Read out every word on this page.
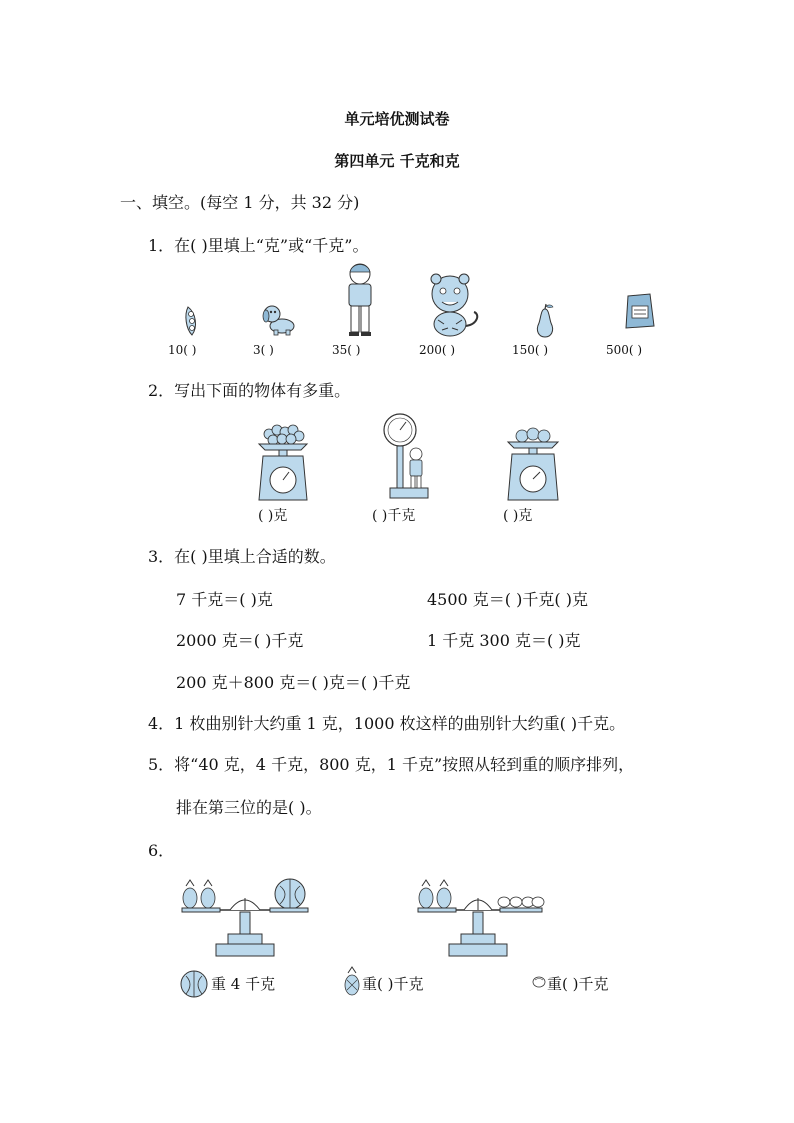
单元培优测试卷
第四单元 千克和克
一、填空。(每空 1 分，共 32 分)
1．在( )里填上“克”或“千克”。
10( )	3( )	35( )	200( )	150( )	500( )
2．写出下面的物体有多重。
( )克	( )千克	( )克
3．在( )里填上合适的数。
7 千克＝( )克	4500 克＝( )千克( )克
2000 克＝( )千克	1 千克 300 克＝( )克
200 克＋800 克＝( )克＝( )千克
4．1 枚曲别针大约重 1 克，1000 枚这样的曲别针大约重( )千克。
5．将“40 克，4 千克，800 克，1 千克”按照从轻到重的顺序排列，
排在第三位的是( )。
6．
重 4 千克	重( )千克	重( )千克
